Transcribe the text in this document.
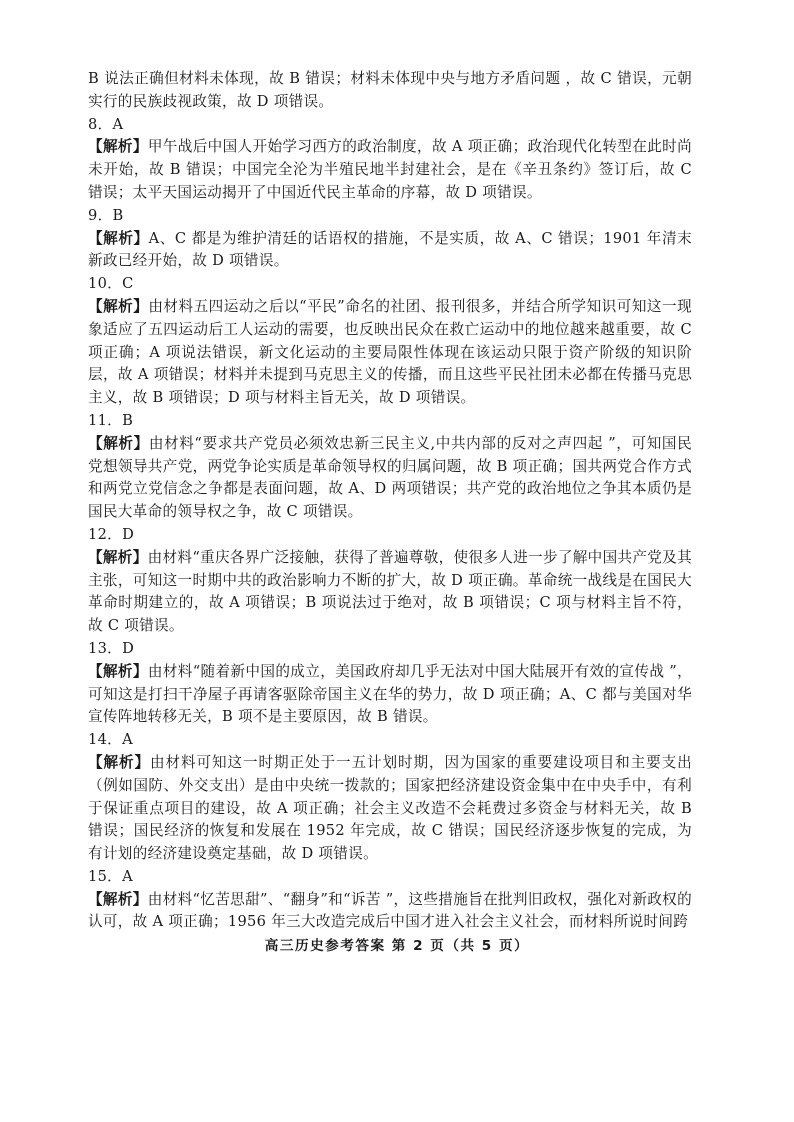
B 说法正确但材料未体现，故 B 错误；材料未体现中央与地方矛盾问题 ，故 C 错误，元朝实行的民族歧视政策，故 D 项错误。

8．A

【解析】甲午战后中国人开始学习西方的政治制度，故 A 项正确；政治现代化转型在此时尚未开始，故 B 错误；中国完全沦为半殖民地半封建社会，是在《辛丑条约》签订后，故 C 错误；太平天国运动揭开了中国近代民主革命的序幕，故 D 项错误。

9．B

【解析】A、C 都是为维护清廷的话语权的措施，不是实质，故 A、C 错误；1901 年清末新政已经开始，故 D 项错误。

10．C

【解析】由材料五四运动之后以“平民”命名的社团、报刊很多，并结合所学知识可知这一现象适应了五四运动后工人运动的需要，也反映出民众在救亡运动中的地位越来越重要，故 C 项正确；A 项说法错误，新文化运动的主要局限性体现在该运动只限于资产阶级的知识阶层，故 A 项错误；材料并未提到马克思主义的传播，而且这些平民社团未必都在传播马克思主义，故 B 项错误；D 项与材料主旨无关，故 D 项错误。

11．B

【解析】由材料“要求共产党员必须效忠新三民主义,中共内部的反对之声四起 ”，可知国民党想领导共产党，两党争论实质是革命领导权的归属问题，故 B 项正确；国共两党合作方式和两党立党信念之争都是表面问题，故 A、D 两项错误；共产党的政治地位之争其本质仍是国民大革命的领导权之争，故 C 项错误。

12．D

【解析】由材料“重庆各界广泛接触，获得了普遍尊敬，使很多人进一步了解中国共产党及其主张，可知这一时期中共的政治影响力不断的扩大，故 D 项正确。革命统一战线是在国民大革命时期建立的，故 A 项错误；B 项说法过于绝对，故 B 项错误；C 项与材料主旨不符，故 C 项错误。

13．D

【解析】由材料“随着新中国的成立，美国政府却几乎无法对中国大陆展开有效的宣传战 ”，可知这是打扫干净屋子再请客驱除帝国主义在华的势力，故 D 项正确；A、C 都与美国对华宣传阵地转移无关，B 项不是主要原因，故 B 错误。

14．A

【解析】由材料可知这一时期正处于一五计划时期，因为国家的重要建设项目和主要支出（例如国防、外交支出）是由中央统一拨款的；国家把经济建设资金集中在中央手中，有利于保证重点项目的建设，故 A 项正确；社会主义改造不会耗费过多资金与材料无关，故 B 错误；国民经济的恢复和发展在 1952 年完成，故 C 错误；国民经济逐步恢复的完成，为有计划的经济建设奠定基础，故 D 项错误。

15．A

【解析】由材料“忆苦思甜”、“翻身”和“诉苦 ”，这些措施旨在批判旧政权，强化对新政权的认可，故 A 项正确；1956 年三大改造完成后中国才进入社会主义社会，而材料所说时间跨

高三历史参考答案 第 2 页（共 5 页）
